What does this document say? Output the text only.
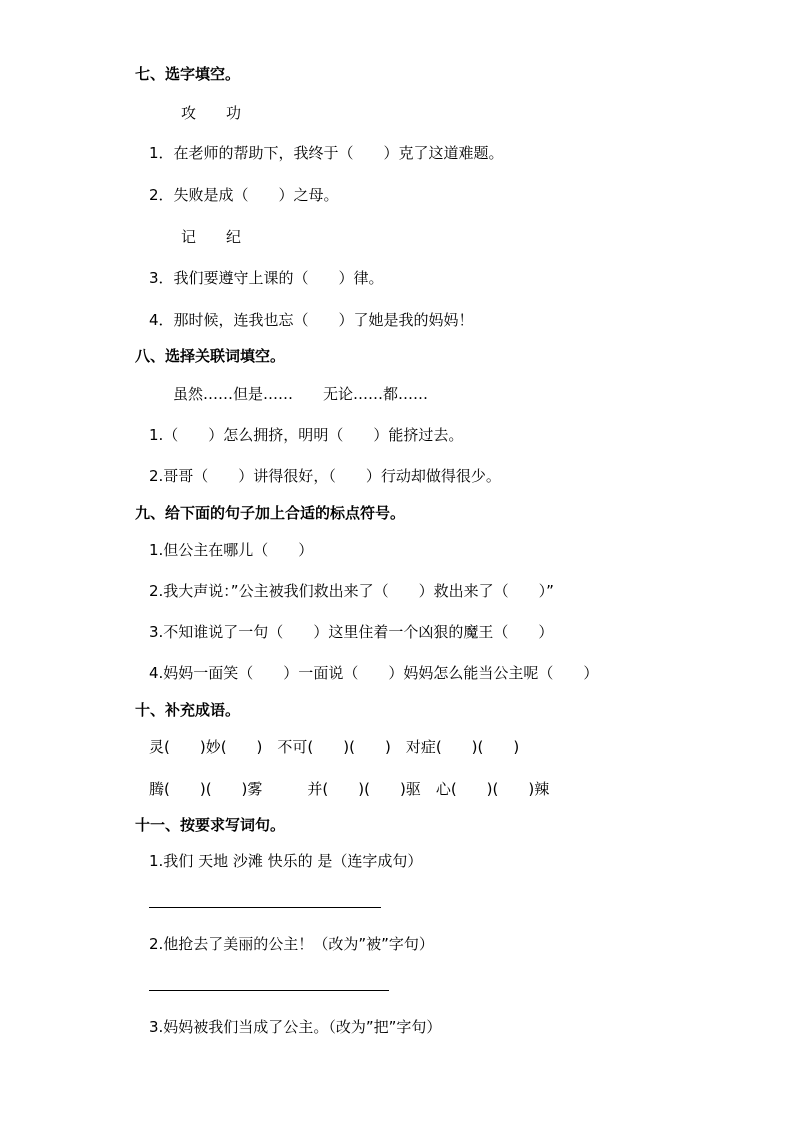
七、选字填空。
攻　　功
1．在老师的帮助下，我终于（　　）克了这道难题。
2．失败是成（　　）之母。
记　　纪
3．我们要遵守上课的（　　）律。
4．那时候，连我也忘（　　）了她是我的妈妈！
八、选择关联词填空。
虽然……但是……　　无论……都……
1.（　　）怎么拥挤，明明（　　）能挤过去。
2.哥哥（　　）讲得很好，（　　）行动却做得很少。
九、给下面的句子加上合适的标点符号。
1.但公主在哪儿（　　）
2.我大声说：”公主被我们救出来了（　　）救出来了（　　）”
3.不知谁说了一句（　　）这里住着一个凶狠的魔王（　　）
4.妈妈一面笑（　　）一面说（　　）妈妈怎么能当公主呢（　　）
十、补充成语。
灵(　　)妙(　　)　不可(　　)(　　)　对症(　　)(　　)
腾(　　)(　　)雾　　　并(　　)(　　)驱　心(　　)(　　)辣
十一、按要求写词句。
1.我们 天地 沙滩 快乐的 是（连字成句）
2.他抢去了美丽的公主！（改为”被”字句）
3.妈妈被我们当成了公主。（改为”把”字句）
